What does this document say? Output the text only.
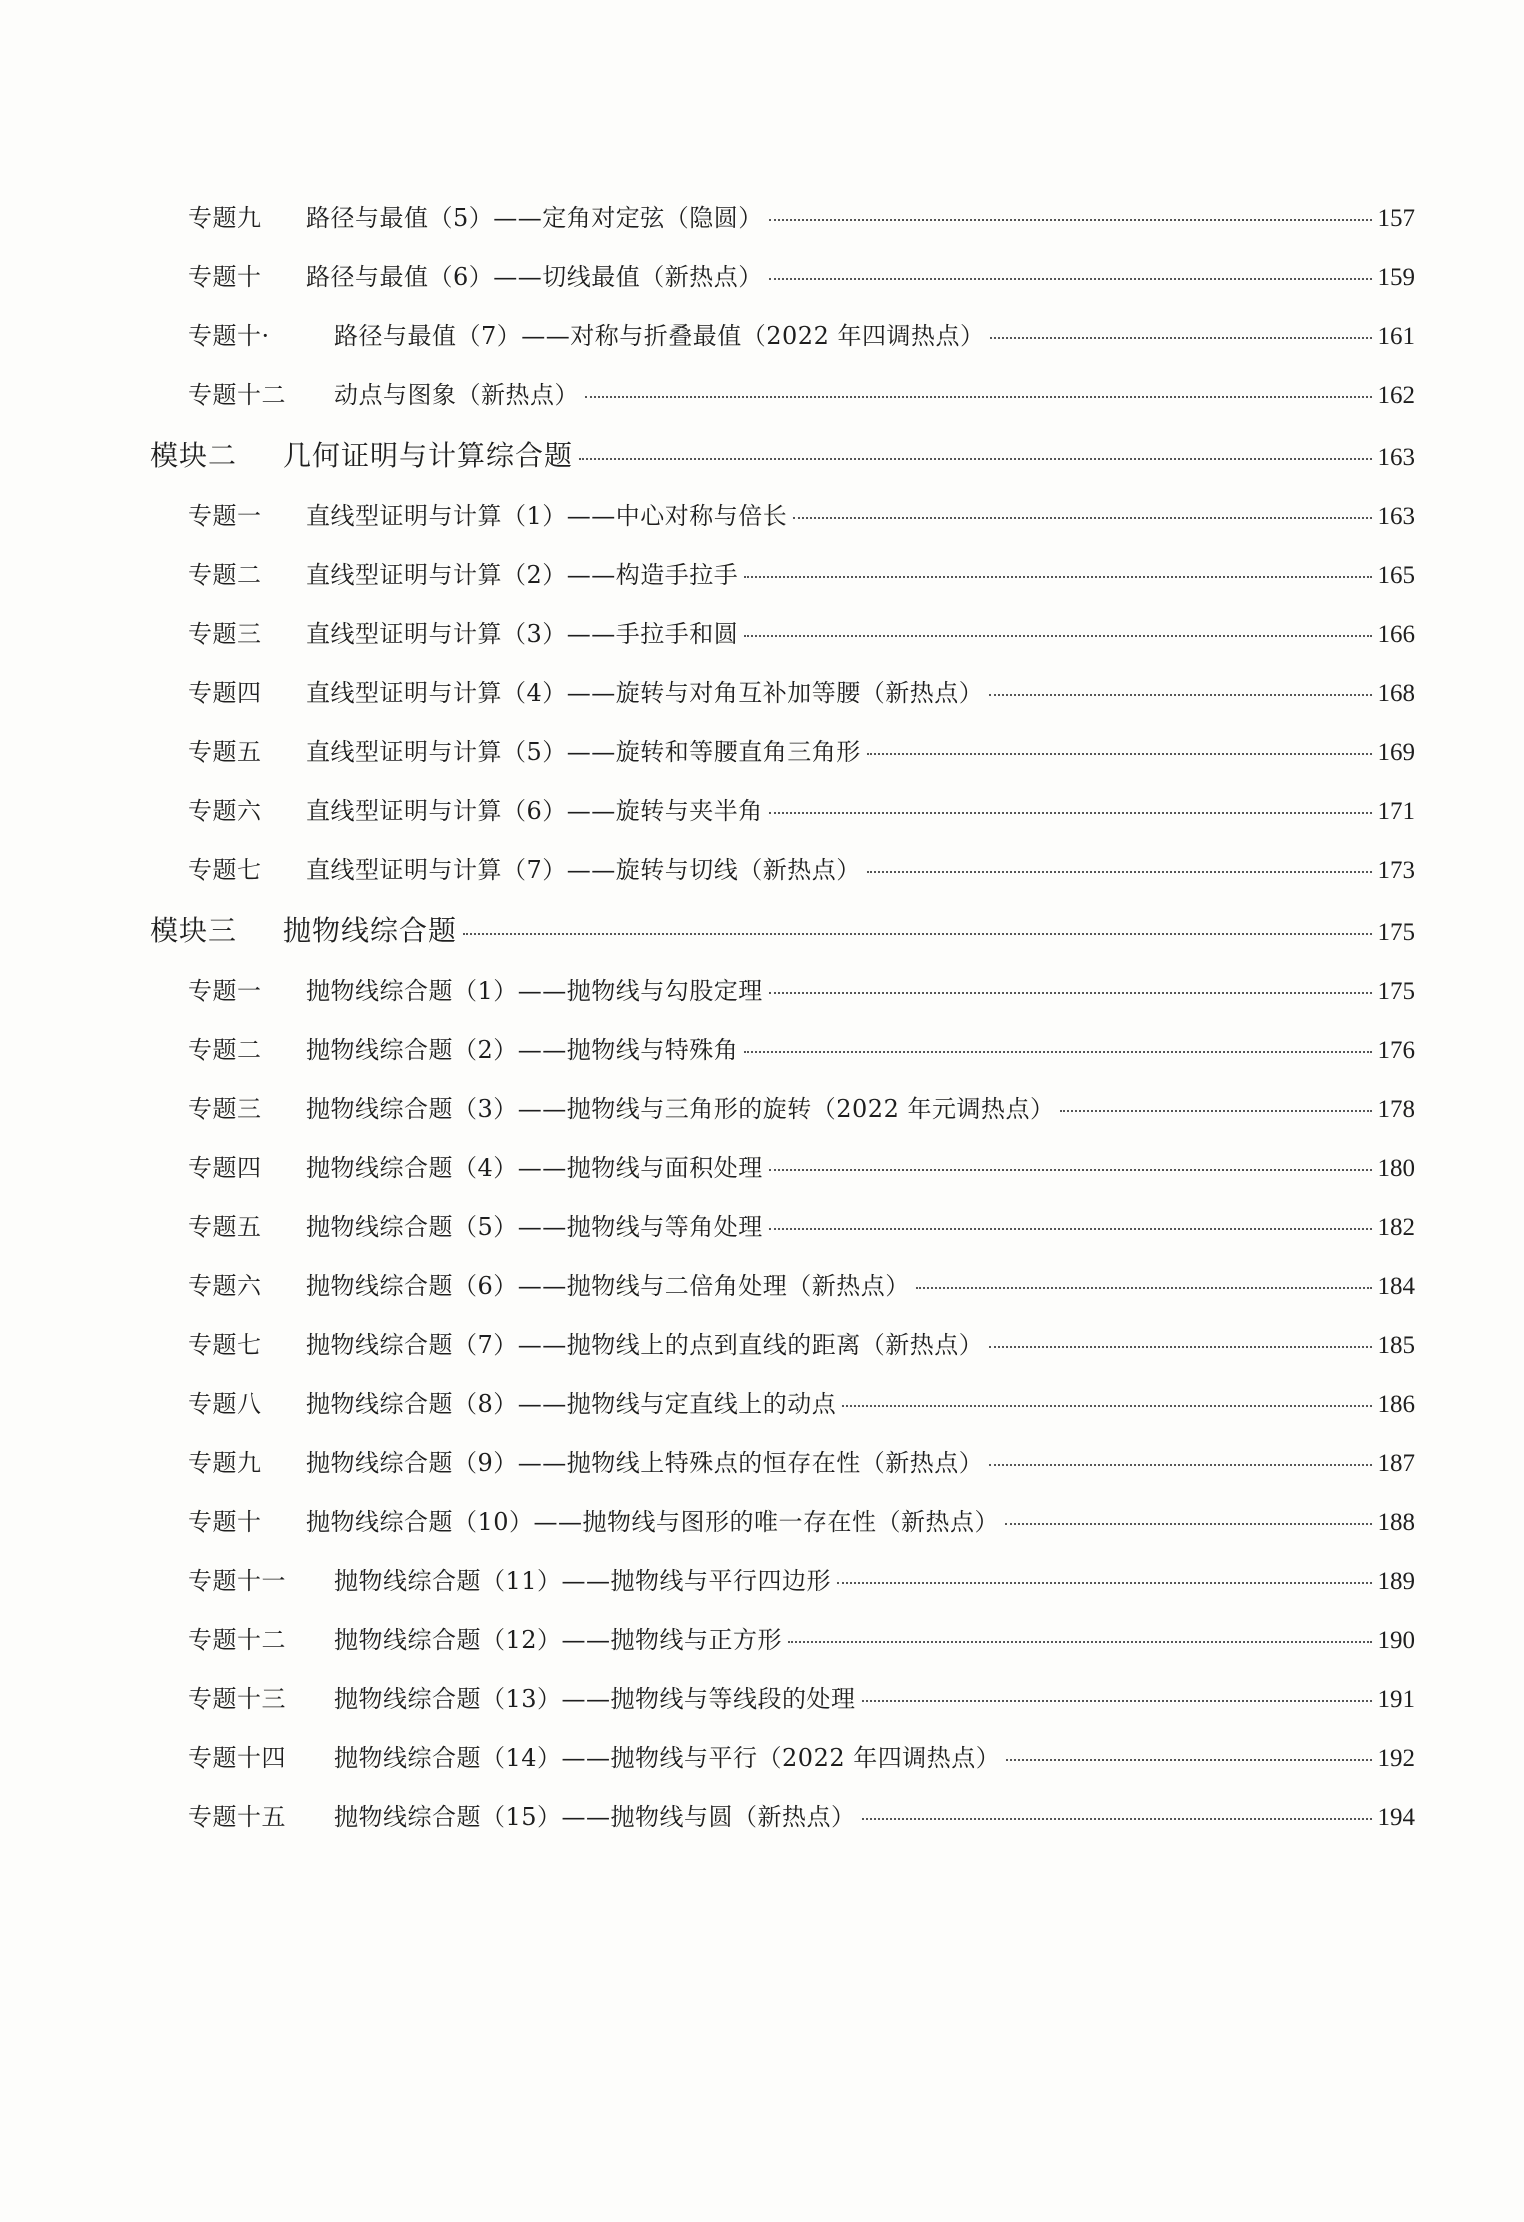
专题九	路径与最值（5）——定角对定弦（隐圆）	157
专题十	路径与最值（6）——切线最值（新热点）	159
专题十·	路径与最值（7）——对称与折叠最值（2022 年四调热点）	161
专题十二	动点与图象（新热点）	162
模块二	几何证明与计算综合题	163
专题一	直线型证明与计算（1）——中心对称与倍长	163
专题二	直线型证明与计算（2）——构造手拉手	165
专题三	直线型证明与计算（3）——手拉手和圆	166
专题四	直线型证明与计算（4）——旋转与对角互补加等腰（新热点）	168
专题五	直线型证明与计算（5）——旋转和等腰直角三角形	169
专题六	直线型证明与计算（6）——旋转与夹半角	171
专题七	直线型证明与计算（7）——旋转与切线（新热点）	173
模块三	抛物线综合题	175
专题一	抛物线综合题（1）——抛物线与勾股定理	175
专题二	抛物线综合题（2）——抛物线与特殊角	176
专题三	抛物线综合题（3）——抛物线与三角形的旋转（2022 年元调热点）	178
专题四	抛物线综合题（4）——抛物线与面积处理	180
专题五	抛物线综合题（5）——抛物线与等角处理	182
专题六	抛物线综合题（6）——抛物线与二倍角处理（新热点）	184
专题七	抛物线综合题（7）——抛物线上的点到直线的距离（新热点）	185
专题八	抛物线综合题（8）——抛物线与定直线上的动点	186
专题九	抛物线综合题（9）——抛物线上特殊点的恒存在性（新热点）	187
专题十	抛物线综合题（10）——抛物线与图形的唯一存在性（新热点）	188
专题十一	抛物线综合题（11）——抛物线与平行四边形	189
专题十二	抛物线综合题（12）——抛物线与正方形	190
专题十三	抛物线综合题（13）——抛物线与等线段的处理	191
专题十四	抛物线综合题（14）——抛物线与平行（2022 年四调热点）	192
专题十五	抛物线综合题（15）——抛物线与圆（新热点）	194
